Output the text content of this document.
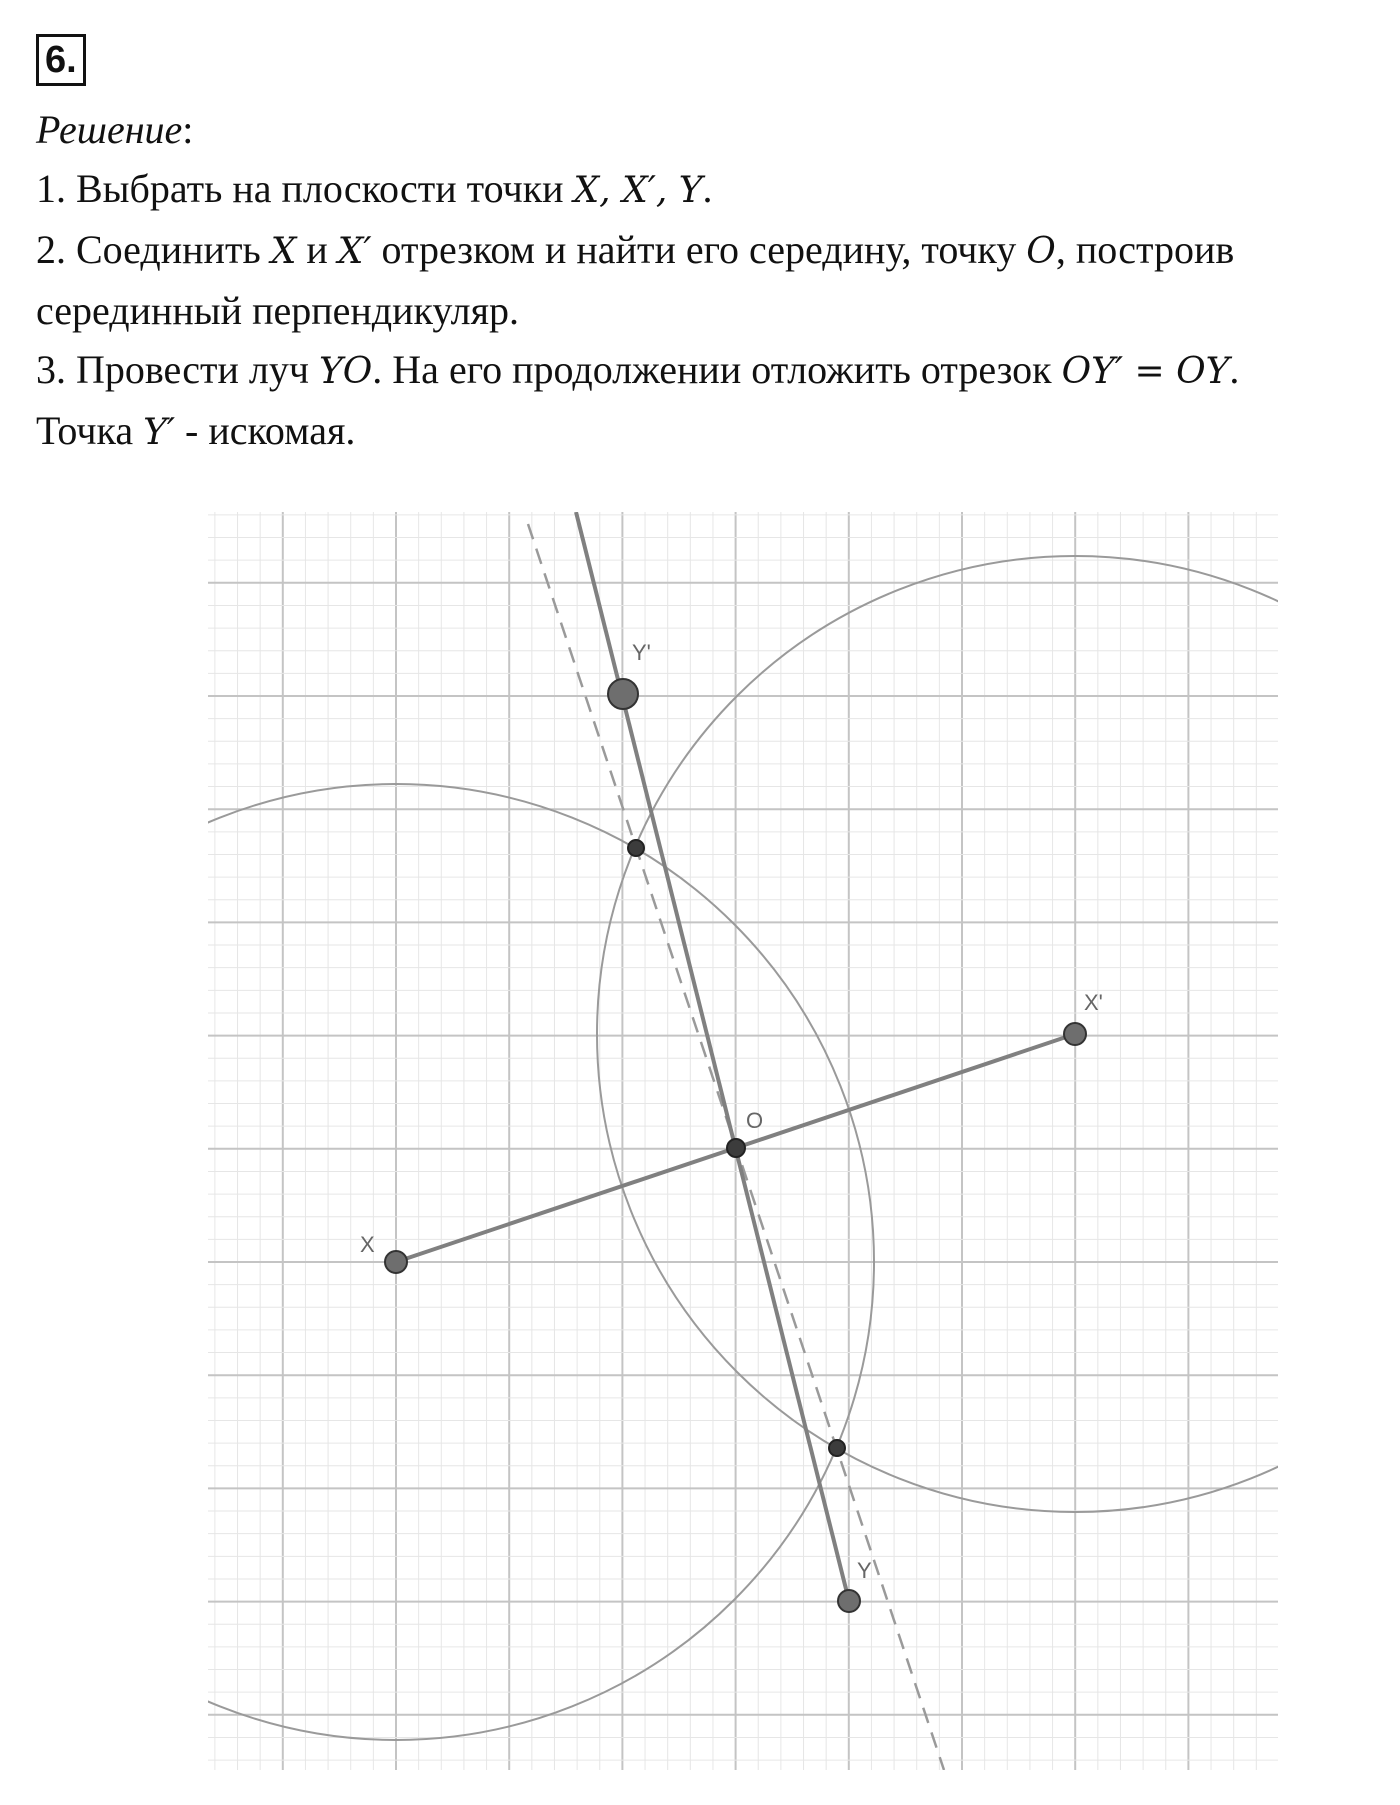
6.

Решение:

1. Выбрать на плоскости точки X, X′, Y.

2. Соединить X и X′ отрезком и найти его середину, точку O, построив серединный перпендикуляр.

3. Провести луч YO. На его продолжении отложить отрезок OY′ = OY.

Точка Y′ - искомая.

X
X'
O
Y
Y'
